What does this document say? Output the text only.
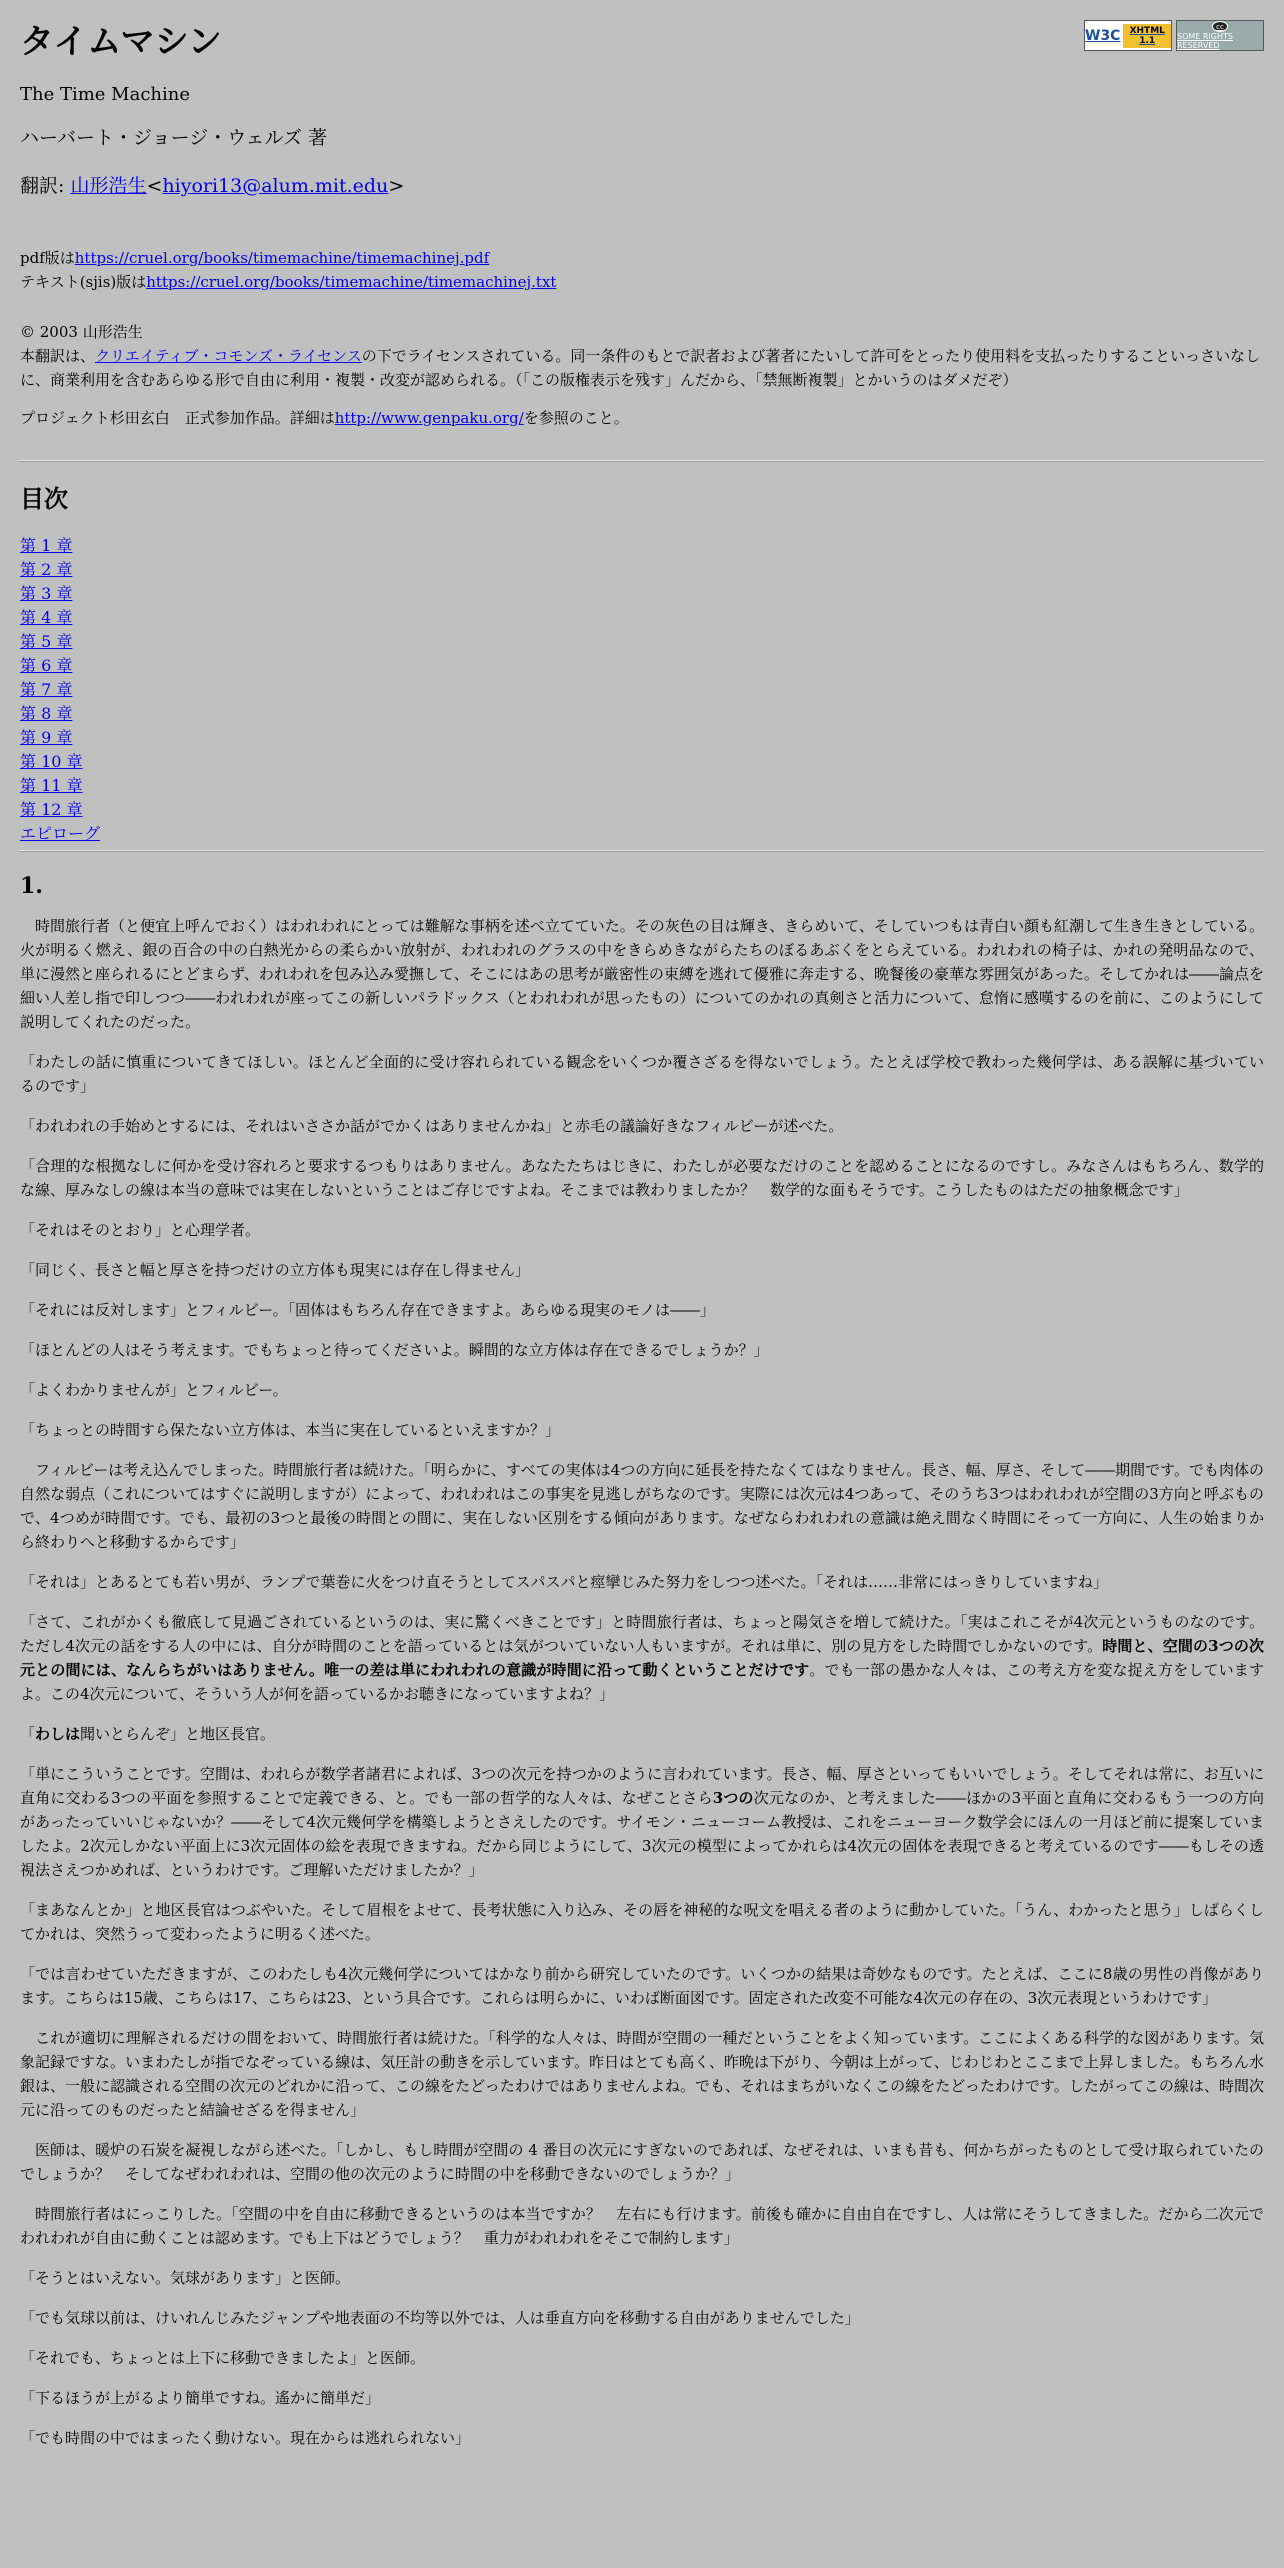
W3C	XHTML 1.1
cc
SOME RIGHTS RESERVED
タイムマシン

The Time Machine

ハーバート・ジョージ・ウェルズ 著

翻訳: 山形浩生<hiyori13@alum.mit.edu>

pdf版はhttps://cruel.org/books/timemachine/timemachinej.pdf
テキスト(sjis)版はhttps://cruel.org/books/timemachine/timemachinej.txt
© 2003 山形浩生
本翻訳は、クリエイティブ・コモンズ・ライセンスの下でライセンスされている。同一条件のもとで訳者および著者にたいして許可をとったり使用料を支払ったりすることいっさいなしに、商業利用を含むあらゆる形で自由に利用・複製・改変が認められる。（「この版権表示を残す」んだから、「禁無断複製」とかいうのはダメだぞ）
プロジェクト杉田玄白　正式参加作品。詳細はhttp://www.genpaku.org/を参照のこと。
目次
第 1 章
第 2 章
第 3 章
第 4 章
第 5 章
第 6 章
第 7 章
第 8 章
第 9 章
第 10 章
第 11 章
第 12 章
エピローグ
1.

　時間旅行者（と便宜上呼んでおく）はわれわれにとっては難解な事柄を述べ立てていた。その灰色の目は輝き、きらめいて、そしていつもは青白い顔も紅潮して生き生きとしている。火が明るく燃え、銀の百合の中の白熱光からの柔らかい放射が、われわれのグラスの中をきらめきながらたちのぼるあぶくをとらえている。われわれの椅子は、かれの発明品なので、単に漫然と座られるにとどまらず、われわれを包み込み愛撫して、そこにはあの思考が厳密性の束縛を逃れて優雅に奔走する、晩餐後の豪華な雰囲気があった。そしてかれは――論点を細い人差し指で印しつつ――われわれが座ってこの新しいパラドックス（とわれわれが思ったもの）についてのかれの真剣さと活力について、怠惰に感嘆するのを前に、このようにして説明してくれたのだった。

「わたしの話に慎重についてきてほしい。ほとんど全面的に受け容れられている観念をいくつか覆さざるを得ないでしょう。たとえば学校で教わった幾何学は、ある誤解に基づいているのです」

「われわれの手始めとするには、それはいささか話がでかくはありませんかね」と赤毛の議論好きなフィルビーが述べた。

「合理的な根拠なしに何かを受け容れろと要求するつもりはありません。あなたたちはじきに、わたしが必要なだけのことを認めることになるのですし。みなさんはもちろん、数学的な線、厚みなしの線は本当の意味では実在しないということはご存じですよね。そこまでは教わりましたか？　数学的な面もそうです。こうしたものはただの抽象概念です」

「それはそのとおり」と心理学者。

「同じく、長さと幅と厚さを持つだけの立方体も現実には存在し得ません」

「それには反対します」とフィルビー。「固体はもちろん存在できますよ。あらゆる現実のモノは――」

「ほとんどの人はそう考えます。でもちょっと待ってくださいよ。瞬間的な立方体は存在できるでしょうか？」

「よくわかりませんが」とフィルビー。

「ちょっとの時間すら保たない立方体は、本当に実在しているといえますか？」

　フィルビーは考え込んでしまった。時間旅行者は続けた。「明らかに、すべての実体は4つの方向に延長を持たなくてはなりません。長さ、幅、厚さ、そして――期間です。でも肉体の自然な弱点（これについてはすぐに説明しますが）によって、われわれはこの事実を見逃しがちなのです。実際には次元は4つあって、そのうち3つはわれわれが空間の3方向と呼ぶもので、4つめが時間です。でも、最初の3つと最後の時間との間に、実在しない区別をする傾向があります。なぜならわれわれの意識は絶え間なく時間にそって一方向に、人生の始まりから終わりへと移動するからです」

「それは」とあるとても若い男が、ランプで葉巻に火をつけ直そうとしてスパスパと痙攣じみた努力をしつつ述べた。「それは……非常にはっきりしていますね」

「さて、これがかくも徹底して見過ごされているというのは、実に驚くべきことです」と時間旅行者は、ちょっと陽気さを増して続けた。「実はこれこそが4次元というものなのです。ただし4次元の話をする人の中には、自分が時間のことを語っているとは気がついていない人もいますが。それは単に、別の見方をした時間でしかないのです。時間と、空間の3つの次元との間には、なんらちがいはありません。唯一の差は単にわれわれの意識が時間に沿って動くということだけです。でも一部の愚かな人々は、この考え方を変な捉え方をしていますよ。この4次元について、そういう人が何を語っているかお聴きになっていますよね？」

「わしは聞いとらんぞ」と地区長官。

「単にこういうことです。空間は、われらが数学者諸君によれば、3つの次元を持つかのように言われています。長さ、幅、厚さといってもいいでしょう。そしてそれは常に、お互いに直角に交わる3つの平面を参照することで定義できる、と。でも一部の哲学的な人々は、なぜことさら3つの次元なのか、と考えました――ほかの3平面と直角に交わるもう一つの方向があったっていいじゃないか？――そして4次元幾何学を構築しようとさえしたのです。サイモン・ニューコーム教授は、これをニューヨーク数学会にほんの一月ほど前に提案していましたよ。2次元しかない平面上に3次元固体の絵を表現できますね。だから同じようにして、3次元の模型によってかれらは4次元の固体を表現できると考えているのです――もしその透視法さえつかめれば、というわけです。ご理解いただけましたか？」

「まあなんとか」と地区長官はつぶやいた。そして眉根をよせて、長考状態に入り込み、その唇を神秘的な呪文を唱える者のように動かしていた。「うん、わかったと思う」しばらくしてかれは、突然うって変わったように明るく述べた。

「では言わせていただきますが、このわたしも4次元幾何学についてはかなり前から研究していたのです。いくつかの結果は奇妙なものです。たとえば、ここに8歳の男性の肖像があります。こちらは15歳、こちらは17、こちらは23、という具合です。これらは明らかに、いわば断面図です。固定された改変不可能な4次元の存在の、3次元表現というわけです」

　これが適切に理解されるだけの間をおいて、時間旅行者は続けた。「科学的な人々は、時間が空間の一種だということをよく知っています。ここによくある科学的な図があります。気象記録ですな。いまわたしが指でなぞっている線は、気圧計の動きを示しています。昨日はとても高く、昨晩は下がり、今朝は上がって、じわじわとここまで上昇しました。もちろん水銀は、一般に認識される空間の次元のどれかに沿って、この線をたどったわけではありませんよね。でも、それはまちがいなくこの線をたどったわけです。したがってこの線は、時間次元に沿ってのものだったと結論せざるを得ません」

　医師は、暖炉の石炭を凝視しながら述べた。「しかし、もし時間が空間の 4 番目の次元にすぎないのであれば、なぜそれは、いまも昔も、何かちがったものとして受け取られていたのでしょうか？　そしてなぜわれわれは、空間の他の次元のように時間の中を移動できないのでしょうか？」

　時間旅行者はにっこりした。「空間の中を自由に移動できるというのは本当ですか？　左右にも行けます。前後も確かに自由自在ですし、人は常にそうしてきました。だから二次元で われわれが自由に動くことは認めます。でも上下はどうでしょう？　重力がわれわれをそこで制約します」

「そうとはいえない。気球があります」と医師。

「でも気球以前は、けいれんじみたジャンプや地表面の不均等以外では、人は垂直方向を移動する自由がありませんでした」

「それでも、ちょっとは上下に移動できましたよ」と医師。

「下るほうが上がるより簡単ですね。遙かに簡単だ」

「でも時間の中ではまったく動けない。現在からは逃れられない」
